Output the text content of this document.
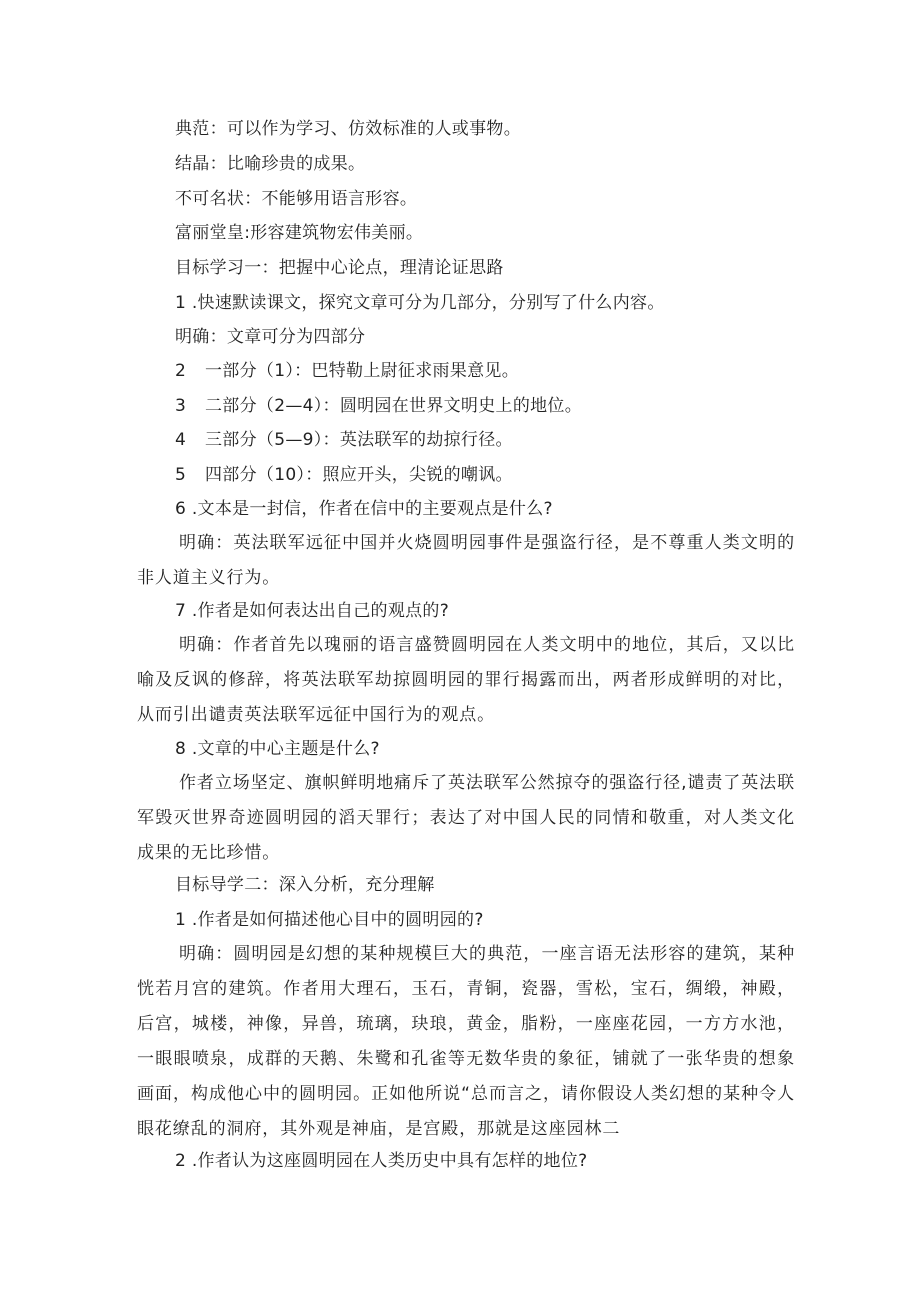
典范：可以作为学习、仿效标准的人或事物。
结晶：比喻珍贵的成果。
不可名状：不能够用语言形容。
富丽堂皇:形容建筑物宏伟美丽。
目标学习一：把握中心论点，理清论证思路
1 .快速默读课文，探究文章可分为几部分，分别写了什么内容。
明确：文章可分为四部分
2 一部分（1）：巴特勒上尉征求雨果意见。
3 二部分（2—4）：圆明园在世界文明史上的地位。
4 三部分（5—9）：英法联军的劫掠行径。
5 四部分（10）：照应开头，尖锐的嘲讽。
6 .文本是一封信，作者在信中的主要观点是什么?
明确：英法联军远征中国并火烧圆明园事件是强盗行径，是不尊重人类文明的非人道主义行为。
7 .作者是如何表达出自己的观点的?
明确：作者首先以瑰丽的语言盛赞圆明园在人类文明中的地位，其后，又以比喻及反讽的修辞，将英法联军劫掠圆明园的罪行揭露而出，两者形成鲜明的对比，从而引出谴责英法联军远征中国行为的观点。
8 .文章的中心主题是什么?
作者立场坚定、旗帜鲜明地痛斥了英法联军公然掠夺的强盗行径,谴责了英法联军毁灭世界奇迹圆明园的滔天罪行；表达了对中国人民的同情和敬重，对人类文化成果的无比珍惜。
目标导学二：深入分析，充分理解
1 .作者是如何描述他心目中的圆明园的?
明确：圆明园是幻想的某种规模巨大的典范，一座言语无法形容的建筑，某种恍若月宫的建筑。作者用大理石，玉石，青铜，瓷器，雪松，宝石，绸缎，神殿，后宫，城楼，神像，异兽，琉璃，玦琅，黄金，脂粉，一座座花园，一方方水池，一眼眼喷泉，成群的天鹅、朱鹭和孔雀等无数华贵的象征，铺就了一张华贵的想象画面，构成他心中的圆明园。正如他所说“总而言之，请你假设人类幻想的某种令人眼花缭乱的洞府，其外观是神庙，是宫殿，那就是这座园林二
2 .作者认为这座圆明园在人类历史中具有怎样的地位?
